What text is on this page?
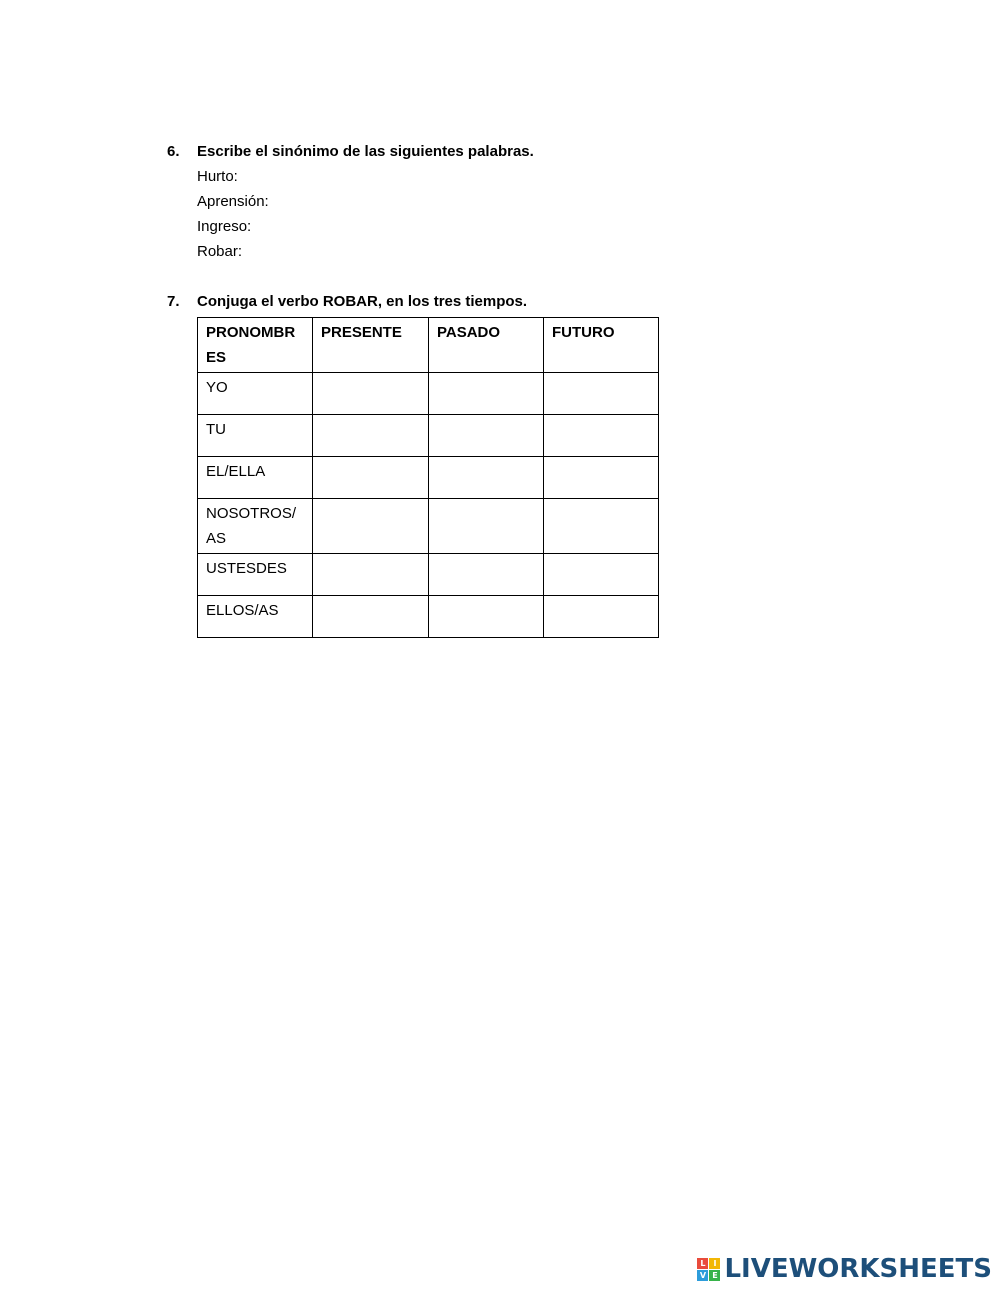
6.	Escribe el sinónimo de las siguientes palabras.
Hurto:
Aprensión:
Ingreso:
Robar:
7.	Conjuga el verbo ROBAR, en los tres tiempos.
PRONOMBR ES	PRESENTE	PASADO	FUTURO
YO			
TU			
EL/ELLA			
NOSOTROS/ AS			
USTESDES			
ELLOS/AS			
L I
V E LIVEWORKSHEETS
